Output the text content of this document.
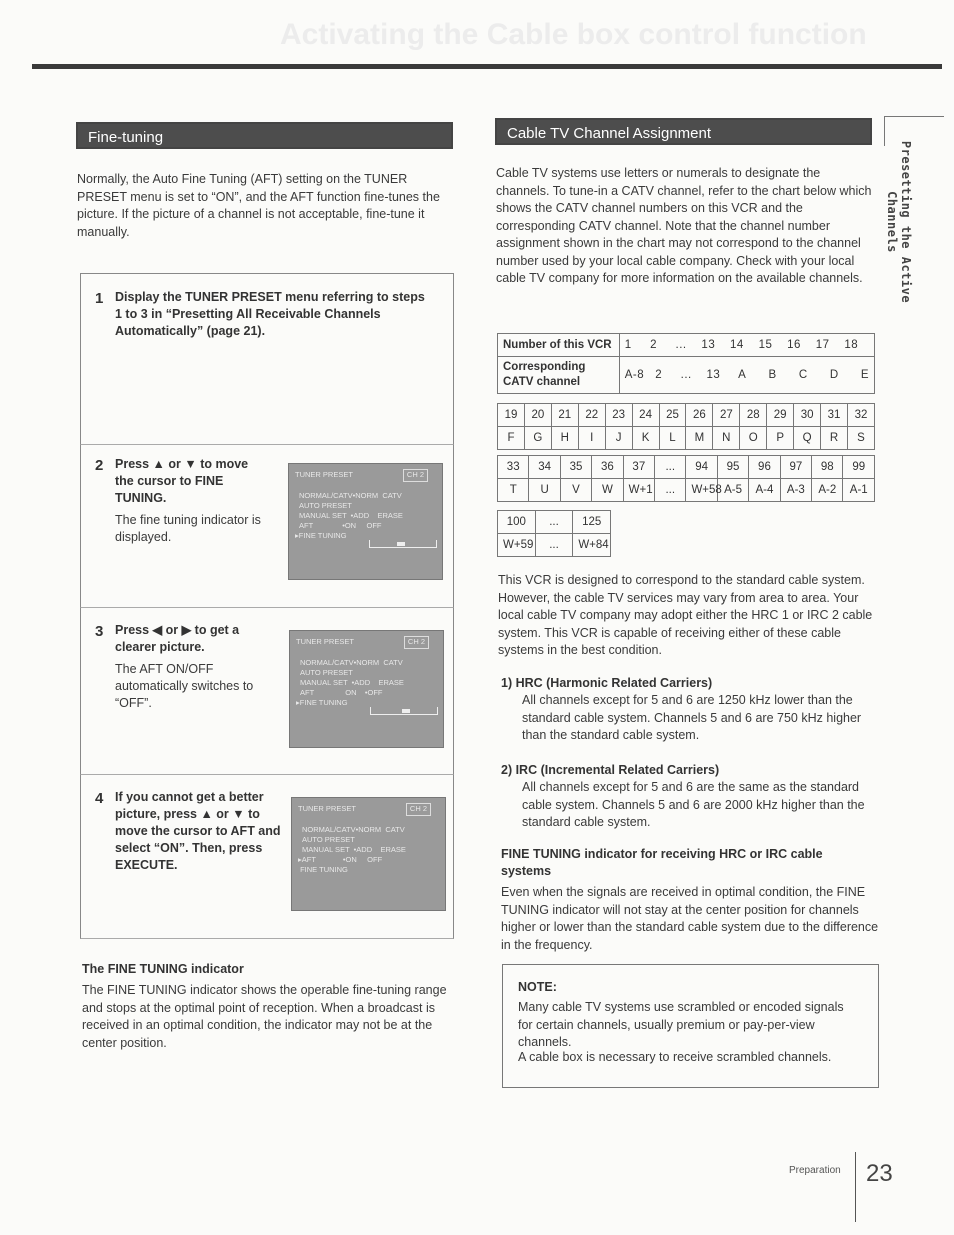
Activating the Cable box control function
Presetting the Active Channels
Fine-tuning
Normally, the Auto Fine Tuning (AFT) setting on the TUNER PRESET menu is set to “ON”, and the AFT function fine-tunes the picture. If the picture of a channel is not acceptable, fine-tune it manually.
1 Display the TUNER PRESET menu referring to steps 1 to 3 in “Presetting All Receivable Channels Automatically” (page 21).
2 Press ▲ or ▼ to move the cursor to FINE TUNING.
The fine tuning indicator is displayed.
TUNER PRESET	CH 2
NORMAL/CATV•NORM  CATV
AUTO PRESET
MANUAL SET  •ADD    ERASE
AFT              •ON     OFF
▸FINE TUNING
3 Press ◀ or ▶ to get a clearer picture.
The AFT ON/OFF automatically switches to “OFF”.
TUNER PRESET	CH 2
NORMAL/CATV•NORM  CATV
AUTO PRESET
MANUAL SET  •ADD    ERASE
AFT               ON    •OFF
▸FINE TUNING
4 If you cannot get a better picture, press ▲ or ▼ to move the cursor to AFT and select “ON”. Then, press EXECUTE.
TUNER PRESET	CH 2
NORMAL/CATV•NORM  CATV
AUTO PRESET
MANUAL SET  •ADD    ERASE
▸AFT             •ON     OFF
FINE TUNING
The FINE TUNING indicator
The FINE TUNING indicator shows the operable fine-tuning range and stops at the optimal point of reception. When a broadcast is received in an optimal condition, the indicator may not be at the center position.
Cable TV Channel Assignment
Cable TV systems use letters or numerals to designate the channels. To tune-in a CATV channel, refer to the chart below which shows the CATV channel numbers on this VCR and the corresponding CATV channel. Note that the channel number assignment shown in the chart may not correspond to the channel number used by your local cable company. Check with your local cable TV company for more information on the available channels.
Number of this VCR	1 2 ... 13 14 15 16 17 18
Corresponding CATV channel	A-8 2 ... 13 A B C D E
19	20	21	22	23	24	25	26	27	28	29	30	31	32
F	G	H	I	J	K	L	M	N	O	P	Q	R	S
33	34	35	36	37	...	94	95	96	97	98	99
T	U	V	W	W+1	...	W+58	A-5	A-4	A-3	A-2	A-1
100	...	125
W+59	...	W+84
This VCR is designed to correspond to the standard cable system. However, the cable TV services may vary from area to area. Your local cable TV company may adopt either the HRC 1 or IRC 2 cable system. This VCR is capable of receiving either of these cable systems in the best condition.
1) HRC (Harmonic Related Carriers)
All channels except for 5 and 6 are 1250 kHz lower than the standard cable system. Channels 5 and 6 are 750 kHz higher than the standard cable system.
2) IRC (Incremental Related Carriers)
All channels except for 5 and 6 are the same as the standard cable system. Channels 5 and 6 are 2000 kHz higher than the standard cable system.
FINE TUNING indicator for receiving HRC or IRC cable systems
Even when the signals are received in optimal condition, the FINE TUNING indicator will not stay at the center position for channels higher or lower than the standard cable system due to the difference in the frequency.
NOTE:
Many cable TV systems use scrambled or encoded signals for certain channels, usually premium or pay-per-view channels.
A cable box is necessary to receive scrambled channels.
Preparation 23
